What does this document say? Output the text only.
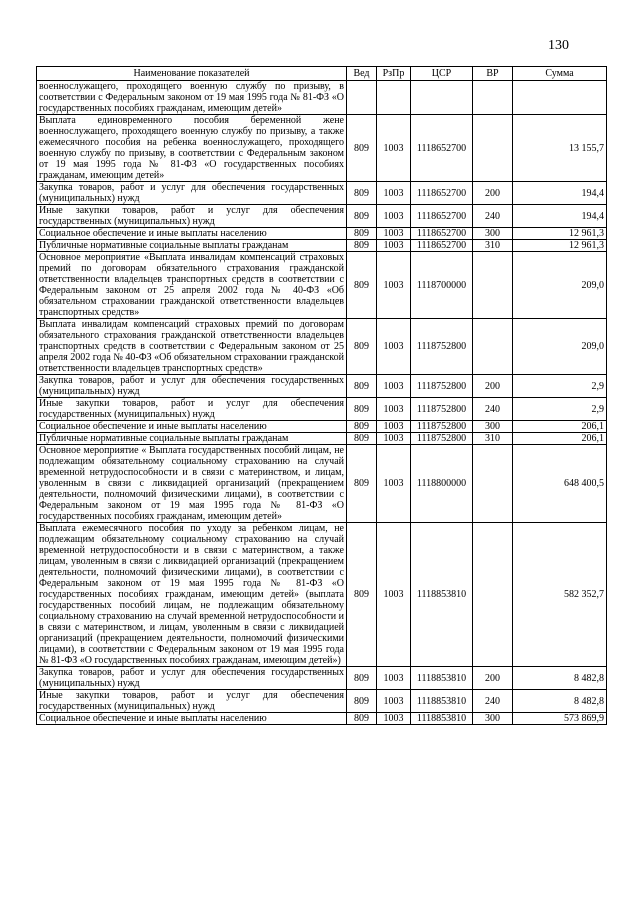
130
Наименование показателей	Вед	РзПр	ЦСР	ВР	Сумма
военнослужащего, проходящего военную службу по призыву, в соответствии с Федеральным законом от 19 мая 1995 года № 81-ФЗ «О государственных пособиях гражданам, имеющим детей»					
Выплата единовременного пособия беременной жене военнослужащего, проходящего военную службу по призыву, а также ежемесячного пособия на ребенка военнослужащего, проходящего военную службу по призыву, в соответствии с Федеральным законом от 19 мая 1995 года № 81-ФЗ «О государственных пособиях гражданам, имеющим детей»	809	1003	1118652700		13 155,7
Закупка товаров, работ и услуг для обеспечения государственных (муниципальных) нужд	809	1003	1118652700	200	194,4
Иные закупки товаров, работ и услуг для обеспечения государственных (муниципальных) нужд	809	1003	1118652700	240	194,4
Социальное обеспечение и иные выплаты населению	809	1003	1118652700	300	12 961,3
Публичные нормативные социальные выплаты гражданам	809	1003	1118652700	310	12 961,3
Основное мероприятие «Выплата инвалидам компенсаций страховых премий по договорам обязательного страхования гражданской ответственности владельцев транспортных средств в соответствии с Федеральным законом от 25 апреля 2002 года № 40-ФЗ «Об обязательном страховании гражданской ответственности владельцев транспортных средств»	809	1003	1118700000		209,0
Выплата инвалидам компенсаций страховых премий по договорам обязательного страхования гражданской ответственности владельцев транспортных средств в соответствии с Федеральным законом от 25 апреля 2002 года № 40-ФЗ «Об обязательном страховании гражданской ответственности владельцев транспортных средств»	809	1003	1118752800		209,0
Закупка товаров, работ и услуг для обеспечения государственных (муниципальных) нужд	809	1003	1118752800	200	2,9
Иные закупки товаров, работ и услуг для обеспечения государственных (муниципальных) нужд	809	1003	1118752800	240	2,9
Социальное обеспечение и иные выплаты населению	809	1003	1118752800	300	206,1
Публичные нормативные социальные выплаты гражданам	809	1003	1118752800	310	206,1
Основное мероприятие « Выплата государственных пособий лицам, не подлежащим обязательному социальному страхованию на случай временной нетрудоспособности и в связи с материнством, и лицам, уволенным в связи с ликвидацией организаций (прекращением деятельности, полномочий физическими лицами), в соответствии с Федеральным законом от 19 мая 1995 года № 81-ФЗ «О государственных пособиях гражданам, имеющим детей»	809	1003	1118800000		648 400,5
Выплата ежемесячного пособия по уходу за ребенком лицам, не подлежащим обязательному социальному страхованию на случай временной нетрудоспособности и в связи с материнством, а также лицам, уволенным в связи с ликвидацией организаций (прекращением деятельности, полномочий физическими лицами), в соответствии с Федеральным законом от 19 мая 1995 года № 81-ФЗ «О государственных пособиях гражданам, имеющим детей» (выплата государственных пособий лицам, не подлежащим обязательному социальному страхованию на случай временной нетрудоспособности и в связи с материнством, и лицам, уволенным в связи с ликвидацией организаций (прекращением деятельности, полномочий физическими лицами), в соответствии с Федеральным законом от 19 мая 1995 года № 81-ФЗ «О государственных пособиях гражданам, имеющим детей»)	809	1003	1118853810		582 352,7
Закупка товаров, работ и услуг для обеспечения государственных (муниципальных) нужд	809	1003	1118853810	200	8 482,8
Иные закупки товаров, работ и услуг для обеспечения государственных (муниципальных) нужд	809	1003	1118853810	240	8 482,8
Социальное обеспечение и иные выплаты населению	809	1003	1118853810	300	573 869,9
